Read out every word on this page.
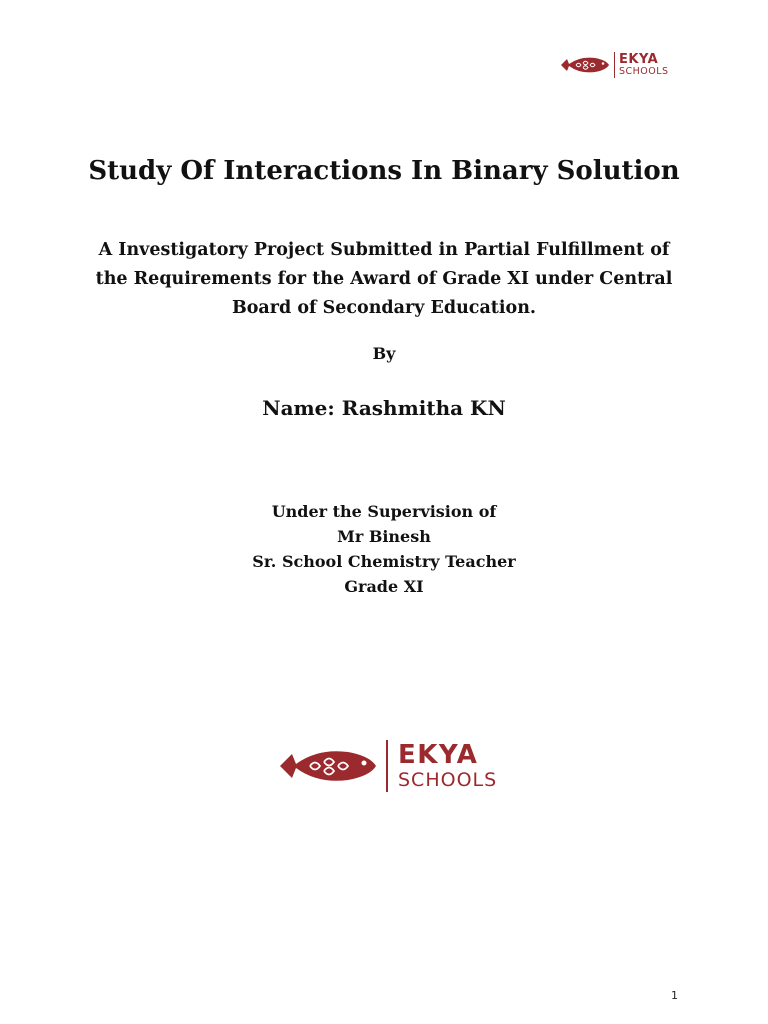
EKYA
SCHOOLS
Study Of Interactions In Binary Solution
A Investigatory Project Submitted in Partial Fulfillment of
the Requirements for the Award of Grade XI under Central
Board of Secondary Education.
By
Name: Rashmitha KN
Under the Supervision of
Mr Binesh
Sr. School Chemistry Teacher
Grade XI
EKYA
SCHOOLS
1
